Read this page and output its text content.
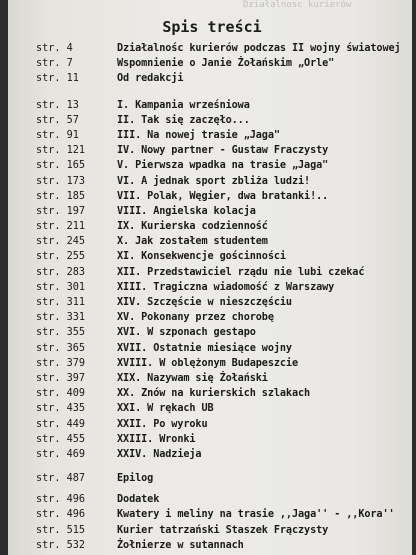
Działalnosc kurierów
Spis treści
str. 4	Działalnośc kurierów podczas II wojny światowej
str. 7	Wspomnienie o Janie Żołańskim „Orle"
str. 11	Od redakcji
str. 13	I. Kampania wrześniowa
str. 57	II. Tak się zaczęło...
str. 91	III. Na nowej trasie „Jaga"
str. 121	IV. Nowy partner - Gustaw Fraczysty
str. 165	V. Pierwsza wpadka na trasie „Jaga"
str. 173	VI. A jednak sport zbliża ludzi!
str. 185	VII. Polak, Węgier, dwa bratanki!..
str. 197	VIII. Angielska kolacja
str. 211	IX. Kurierska codzienność
str. 245	X. Jak zostałem studentem
str. 255	XI. Konsekwencje gościnności
str. 283	XII. Przedstawiciel rządu nie lubi czekać
str. 301	XIII. Tragiczna wiadomość z Warszawy
str. 311	XIV. Szczęście w nieszczęściu
str. 331	XV. Pokonany przez chorobę
str. 355	XVI. W szponach gestapo
str. 365	XVII. Ostatnie miesiące wojny
str. 379	XVIII. W oblężonym Budapeszcie
str. 397	XIX. Nazywam się Żołański
str. 409	XX. Znów na kurierskich szlakach
str. 435	XXI. W rękach UB
str. 449	XXII. Po wyroku
str. 455	XXIII. Wronki
str. 469	XXIV. Nadzieja
str. 487	Epilog
str. 496	Dodatek
str. 496	Kwatery i meliny na trasie ,,Jaga'' - ,,Kora''
str. 515	Kurier tatrzański Staszek Frączysty
str. 532	Żołnierze w sutannach
